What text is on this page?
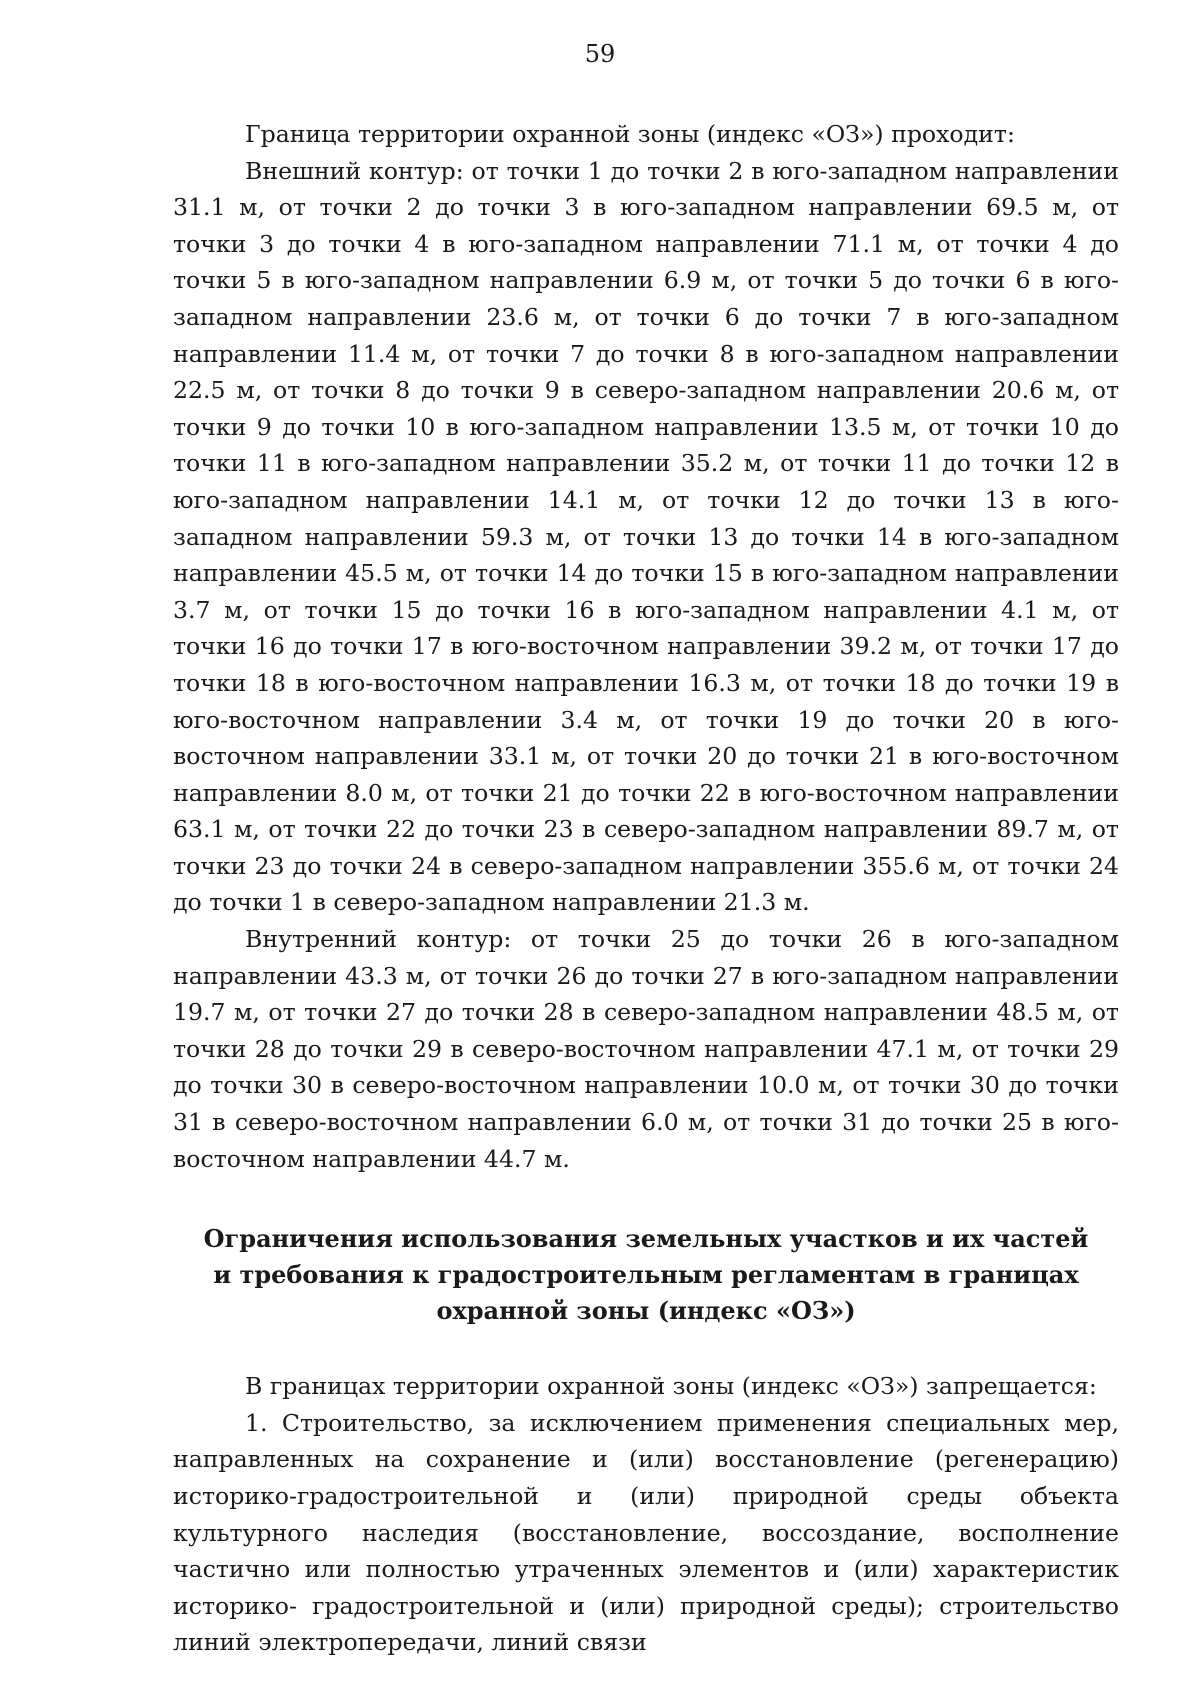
59

Граница территории охранной зоны (индекс «ОЗ») проходит:

Внешний контур: от точки 1 до точки 2 в юго-западном направлении 31.1 м, от точки 2 до точки 3 в юго-западном направлении 69.5 м, от точки 3 до точки 4 в юго-западном направлении 71.1 м, от точки 4 до точки 5 в юго-западном направлении 6.9 м, от точки 5 до точки 6 в юго-западном направлении 23.6 м, от точки 6 до точки 7 в юго-западном направлении 11.4 м, от точки 7 до точки 8 в юго-западном направлении 22.5 м, от точки 8 до точки 9 в северо-западном направлении 20.6 м, от точки 9 до точки 10 в юго-западном направлении 13.5 м, от точки 10 до точки 11 в юго-западном направлении 35.2 м, от точки 11 до точки 12 в юго-западном направлении 14.1 м, от точки 12 до точки 13 в юго-западном направлении 59.3 м, от точки 13 до точки 14 в юго-западном направлении 45.5 м, от точки 14 до точки 15 в юго-западном направлении 3.7 м, от точки 15 до точки 16 в юго-западном направлении 4.1 м, от точки 16 до точки 17 в юго-восточном направлении 39.2 м, от точки 17 до точки 18 в юго-восточном направлении 16.3 м, от точки 18 до точки 19 в юго-восточном направлении 3.4 м, от точки 19 до точки 20 в юго-восточном направлении 33.1 м, от точки 20 до точки 21 в юго-восточном направлении 8.0 м, от точки 21 до точки 22 в юго-восточном направлении 63.1 м, от точки 22 до точки 23 в северо-западном направлении 89.7 м, от точки 23 до точки 24 в северо-западном направлении 355.6 м, от точки 24 до точки 1 в северо-западном направлении 21.3 м.

Внутренний контур: от точки 25 до точки 26 в юго-западном направлении 43.3 м, от точки 26 до точки 27 в юго-западном направлении 19.7 м, от точки 27 до точки 28 в северо-западном направлении 48.5 м, от точки 28 до точки 29 в северо-восточном направлении 47.1 м, от точки 29 до точки 30 в северо-восточном направлении 10.0 м, от точки 30 до точки 31 в северо-восточном направлении 6.0 м, от точки 31 до точки 25 в юго-восточном направлении 44.7 м.

Ограничения использования земельных участков и их частей
и требования к градостроительным регламентам в границах
охранной зоны (индекс «ОЗ»)

В границах территории охранной зоны (индекс «ОЗ») запрещается:

1. Строительство, за исключением применения специальных мер, направленных на сохранение и (или) восстановление (регенерацию) историко-градостроительной и (или) природной среды объекта культурного наследия (восстановление, воссоздание, восполнение частично или полностью утраченных элементов и (или) характеристик историко- градостроительной и (или) природной среды); строительство линий электропередачи, линий связи
